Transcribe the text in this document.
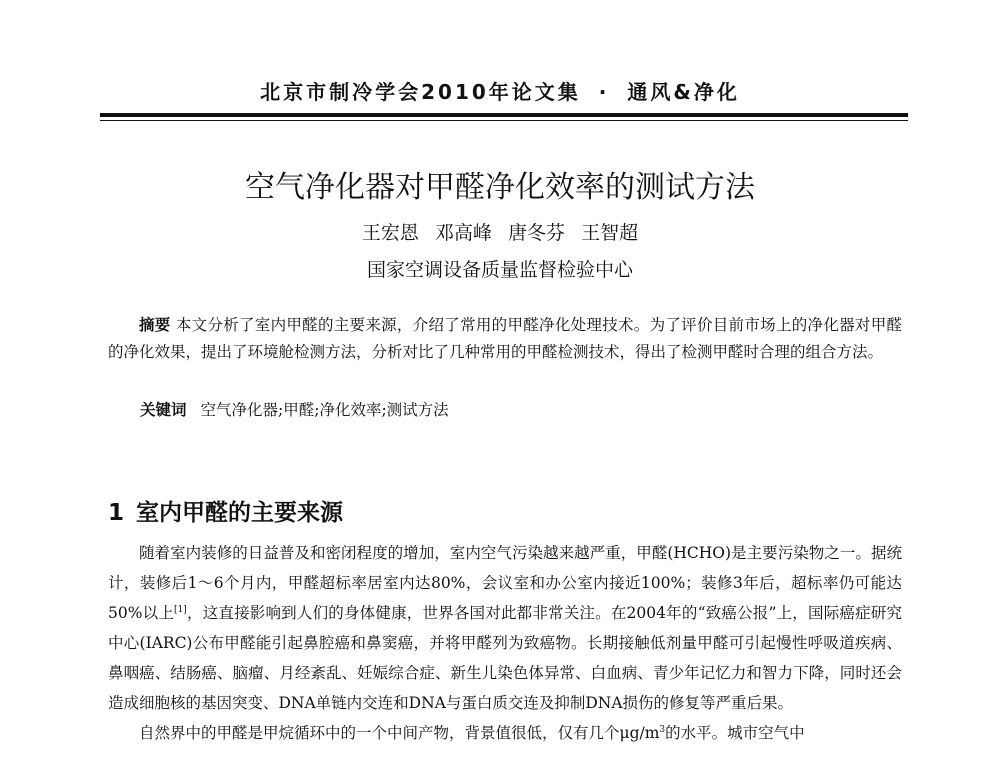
北京市制冷学会2010年论文集 · 通风&净化
空气净化器对甲醛净化效率的测试方法
王宏恩 邓高峰 唐冬芬 王智超
国家空调设备质量监督检验中心

摘要 本文分析了室内甲醛的主要来源，介绍了常用的甲醛净化处理技术。为了评价目前市场上的净化器对甲醛的净化效果，提出了环境舱检测方法，分析对比了几种常用的甲醛检测技术，得出了检测甲醛时合理的组合方法。

关键词 空气净化器;甲醛;净化效率;测试方法
1 室内甲醛的主要来源

随着室内装修的日益普及和密闭程度的增加，室内空气污染越来越严重，甲醛(HCHO)是主要污染物之一。据统计，装修后1～6个月内，甲醛超标率居室内达80%，会议室和办公室内接近100%；装修3年后，超标率仍可能达50%以上[1]，这直接影响到人们的身体健康，世界各国对此都非常关注。在2004年的“致癌公报”上，国际癌症研究中心(IARC)公布甲醛能引起鼻腔癌和鼻窦癌，并将甲醛列为致癌物。长期接触低剂量甲醛可引起慢性呼吸道疾病、鼻咽癌、结肠癌、脑瘤、月经紊乱、妊娠综合症、新生儿染色体异常、白血病、青少年记忆力和智力下降，同时还会造成细胞核的基因突变、DNA单链内交连和DNA与蛋白质交连及抑制DNA损伤的修复等严重后果。

自然界中的甲醛是甲烷循环中的一个中间产物，背景值很低，仅有几个$\mu g/m^3$的水平。城市空气中
